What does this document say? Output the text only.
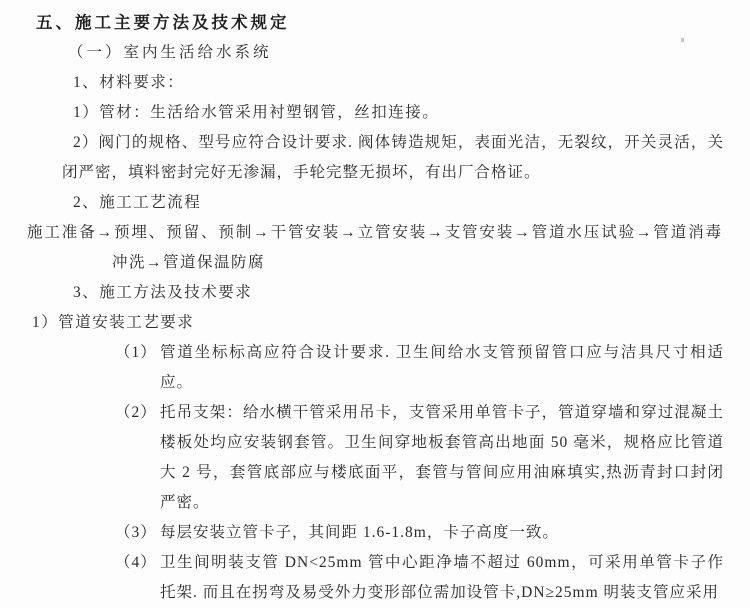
五、施工主要方法及技术规定
（一）室内生活给水系统
1、材料要求：
1）管材：生活给水管采用衬塑钢管，丝扣连接。
2）阀门的规格、型号应符合设计要求. 阀体铸造规矩，表面光洁，无裂纹，开关灵活，关闭严密，填料密封完好无渗漏，手轮完整无损坏，有出厂合格证。
2、施工工艺流程
施工准备→预埋、预留、预制→干管安装→立管安装→支管安装→管道水压试验→管道消毒
冲洗→管道保温防腐
3、施工方法及技术要求
1）管道安装工艺要求
（1） 管道坐标标高应符合设计要求. 卫生间给水支管预留管口应与洁具尺寸相适应。
（2） 托吊支架：给水横干管采用吊卡，支管采用单管卡子，管道穿墙和穿过混凝土楼板处均应安装钢套管。卫生间穿地板套管高出地面 50 毫米，规格应比管道大 2 号，套管底部应与楼底面平，套管与管间应用油麻填实,热沥青封口封闭严密。
（3） 每层安装立管卡子，其间距 1.6-1.8m，卡子高度一致。
（4） 卫生间明装支管 DN<25mm 管中心距净墙不超过 60mm，可采用单管卡子作托架. 而且在拐弯及易受外力变形部位需加设管卡,DN≥25mm 明装支管应采用
